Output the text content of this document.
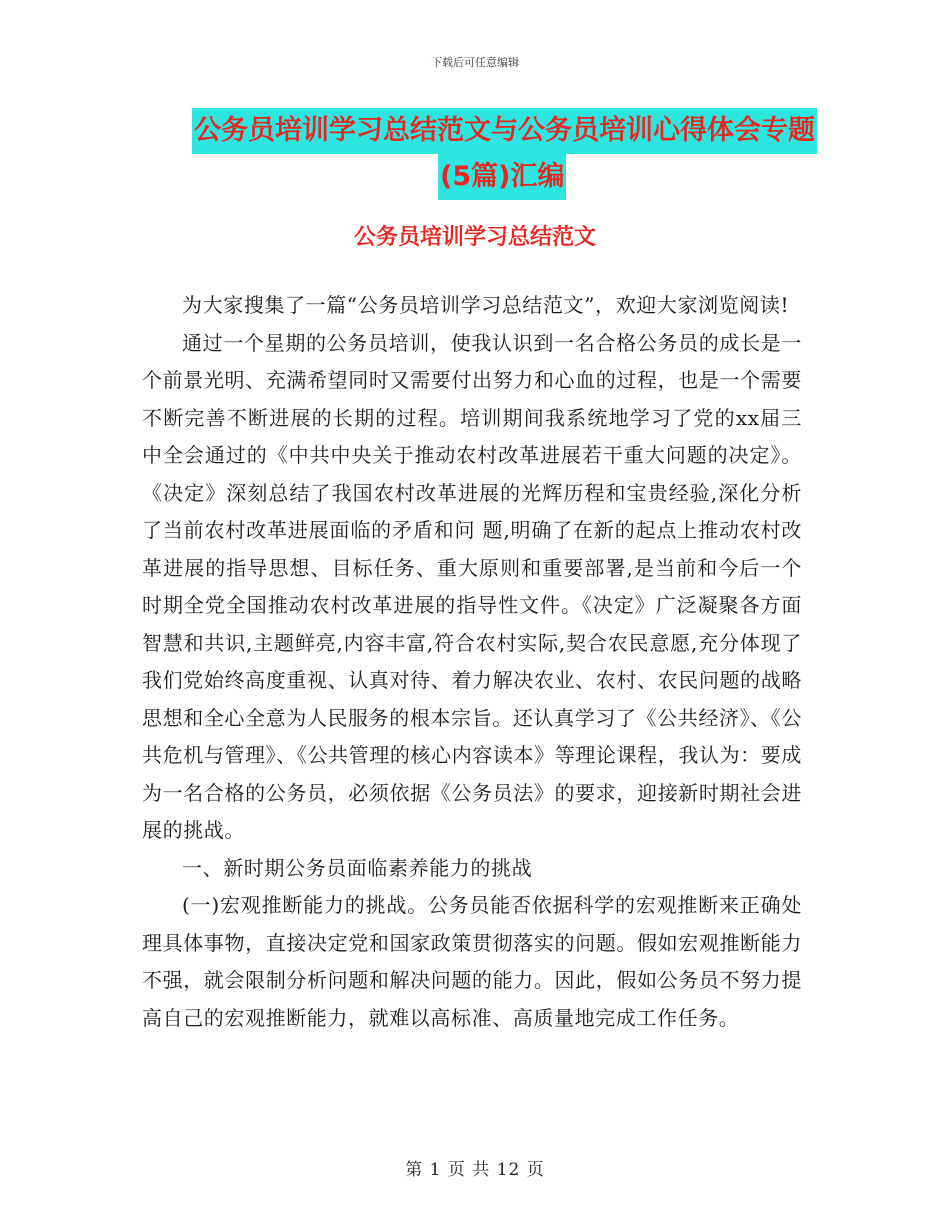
下载后可任意编辑
公务员培训学习总结范文与公务员培训心得体会专题
(5篇)汇编
公务员培训学习总结范文

为大家搜集了一篇“公务员培训学习总结范文”，欢迎大家浏览阅读!

通过一个星期的公务员培训，使我认识到一名合格公务员的成长是一个前景光明、充满希望同时又需要付出努力和心血的过程，也是一个需要不断完善不断进展的长期的过程。培训期间我系统地学习了党的xx届三中全会通过的《中共中央关于推动农村改革进展若干重大问题的决定》。《决定》深刻总结了我国农村改革进展的光辉历程和宝贵经验,深化分析了当前农村改革进展面临的矛盾和问 题,明确了在新的起点上推动农村改革进展的指导思想、目标任务、重大原则和重要部署,是当前和今后一个时期全党全国推动农村改革进展的指导性文件。《决定》广泛凝聚各方面智慧和共识,主题鲜亮,内容丰富,符合农村实际,契合农民意愿,充分体现了我们党始终高度重视、认真对待、着力解决农业、农村、农民问题的战略思想和全心全意为人民服务的根本宗旨。还认真学习了《公共经济》、《公共危机与管理》、《公共管理的核心内容读本》等理论课程，我认为：要成为一名合格的公务员，必须依据《公务员法》的要求，迎接新时期社会进展的挑战。

一、新时期公务员面临素养能力的挑战

(一)宏观推断能力的挑战。公务员能否依据科学的宏观推断来正确处理具体事物，直接决定党和国家政策贯彻落实的问题。假如宏观推断能力不强，就会限制分析问题和解决问题的能力。因此，假如公务员不努力提高自己的宏观推断能力，就难以高标准、高质量地完成工作任务。

第 1 页 共 12 页
